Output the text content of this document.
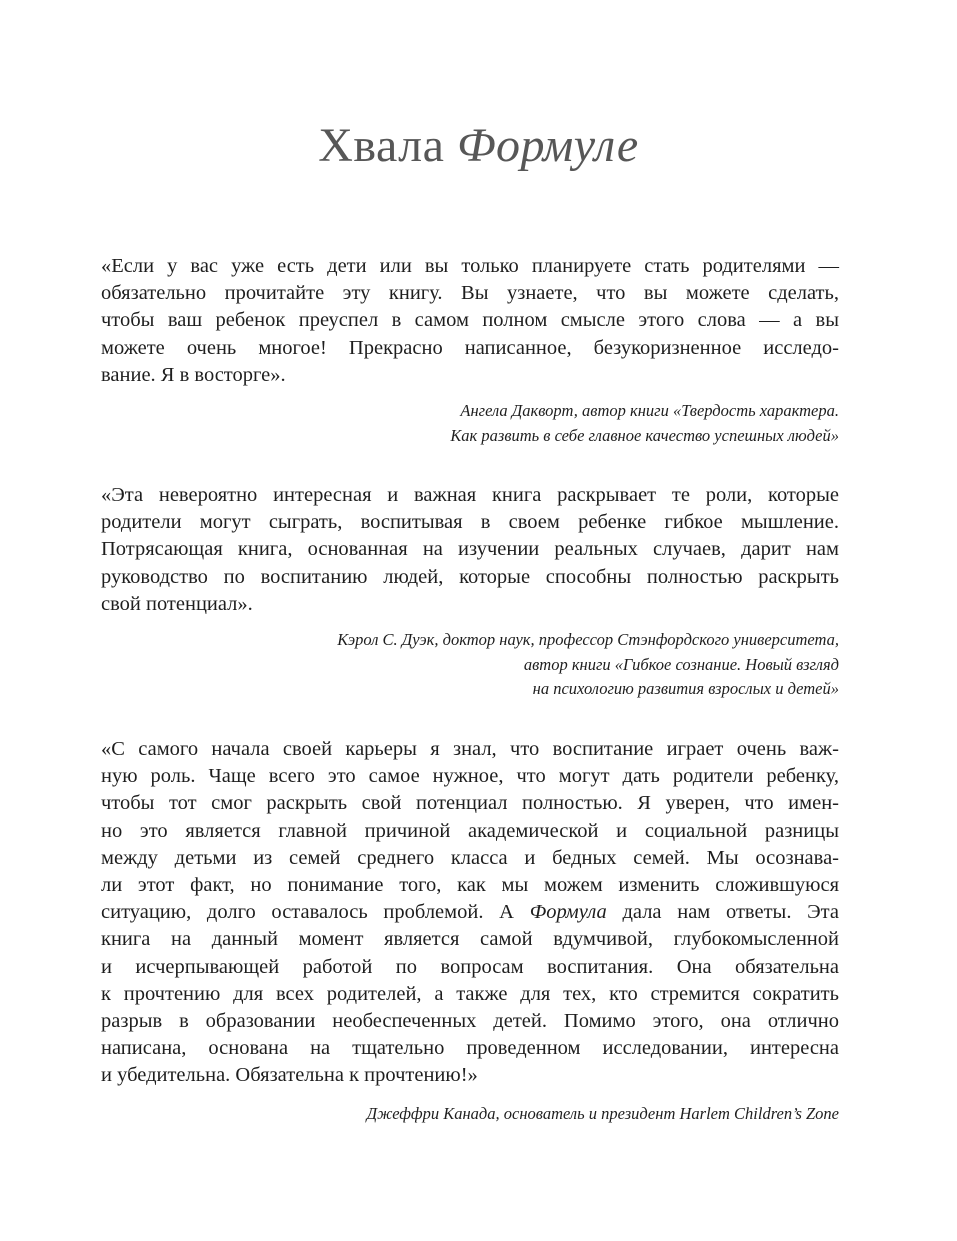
Хвала Формуле

«Если у вас уже есть дети или вы только планируете стать родителями —
обязательно прочитайте эту книгу. Вы узнаете, что вы можете сделать,
чтобы ваш ребенок преуспел в самом полном смысле этого слова — а вы
можете очень многое! Прекрасно написанное, безукоризненное исследо-
вание. Я в восторге».

Ангела Дакворт, автор книги «Твердость характера.
Как развить в себе главное качество успешных людей»

«Эта невероятно интересная и важная книга раскрывает те роли, которые
родители могут сыграть, воспитывая в своем ребенке гибкое мышление.
Потрясающая книга, основанная на изучении реальных случаев, дарит нам
руководство по воспитанию людей, которые способны полностью раскрыть
свой потенциал».

Кэрол С. Дуэк, доктор наук, профессор Стэнфордского университета,
автор книги «Гибкое сознание. Новый взгляд
на психологию развития взрослых и детей»

«С самого начала своей карьеры я знал, что воспитание играет очень важ-
ную роль. Чаще всего это самое нужное, что могут дать родители ребенку,
чтобы тот смог раскрыть свой потенциал полностью. Я уверен, что имен-
но это является главной причиной академической и социальной разницы
между детьми из семей среднего класса и бедных семей. Мы осознава-
ли этот факт, но понимание того, как мы можем изменить сложившуюся
ситуацию, долго оставалось проблемой. А Формула дала нам ответы. Эта
книга на данный момент является самой вдумчивой, глубокомысленной
и исчерпывающей работой по вопросам воспитания. Она обязательна
к прочтению для всех родителей, а также для тех, кто стремится сократить
разрыв в образовании необеспеченных детей. Помимо этого, она отлично
написана, основана на тщательно проведенном исследовании, интересна
и убедительна. Обязательна к прочтению!»

Джеффри Канада, основатель и президент Harlem Children’s Zone
